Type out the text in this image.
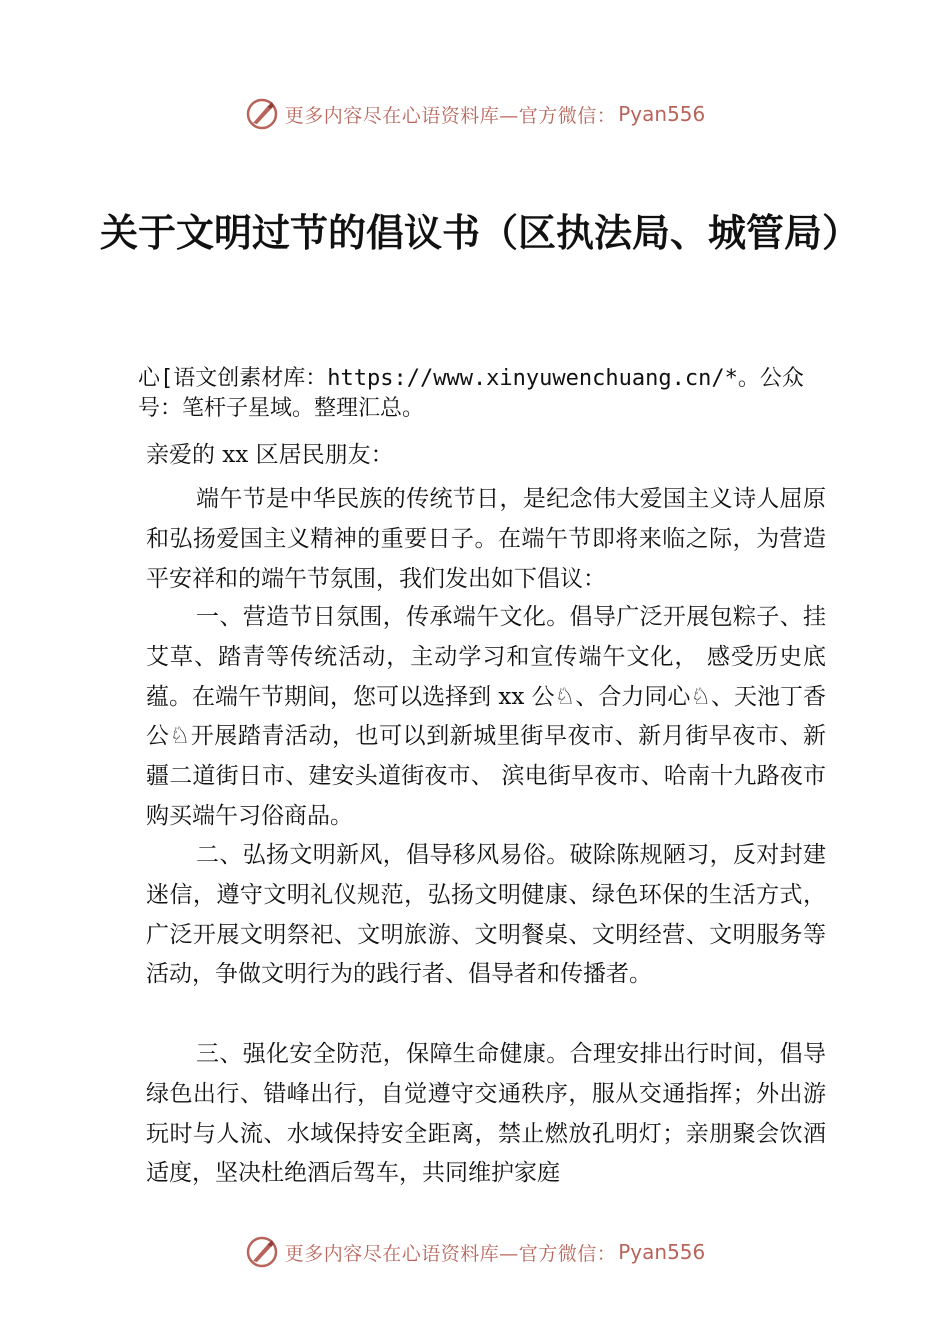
更多内容尽在心语资料库—官方微信： Pyan556
关于文明过节的倡议书（区执法局、城管局）
心[语文创素材库：https://www.xinyuwenchuang.cn/*。公众号：笔杆子星域。整理汇总。
亲爱的 xx 区居民朋友：
端午节是中华民族的传统节日，是纪念伟大爱国主义诗人屈原和弘扬爱国主义精神的重要日子。在端午节即将来临之际，为营造平安祥和的端午节氛围，我们发出如下倡议：
一、营造节日氛围，传承端午文化。倡导广泛开展包粽子、挂艾草、踏青等传统活动，主动学习和宣传端午文化， 感受历史底蕴。在端午节期间，您可以选择到 xx 公♘、合力同心♘、天池丁香公♘开展踏青活动，也可以到新城里街早夜市、新月街早夜市、新疆二道街日市、建安头道街夜市、 滨电街早夜市、哈南十九路夜市购买端午习俗商品。
二、弘扬文明新风，倡导移风易俗。破除陈规陋习，反对封建迷信，遵守文明礼仪规范，弘扬文明健康、绿色环保的生活方式，广泛开展文明祭祀、文明旅游、文明餐桌、文明经营、文明服务等活动，争做文明行为的践行者、倡导者和传播者。
三、强化安全防范，保障生命健康。合理安排出行时间，倡导绿色出行、错峰出行，自觉遵守交通秩序，服从交通指挥；外出游玩时与人流、水域保持安全距离，禁止燃放孔明灯；亲朋聚会饮酒适度，坚决杜绝酒后驾车，共同维护家庭
更多内容尽在心语资料库—官方微信： Pyan556
